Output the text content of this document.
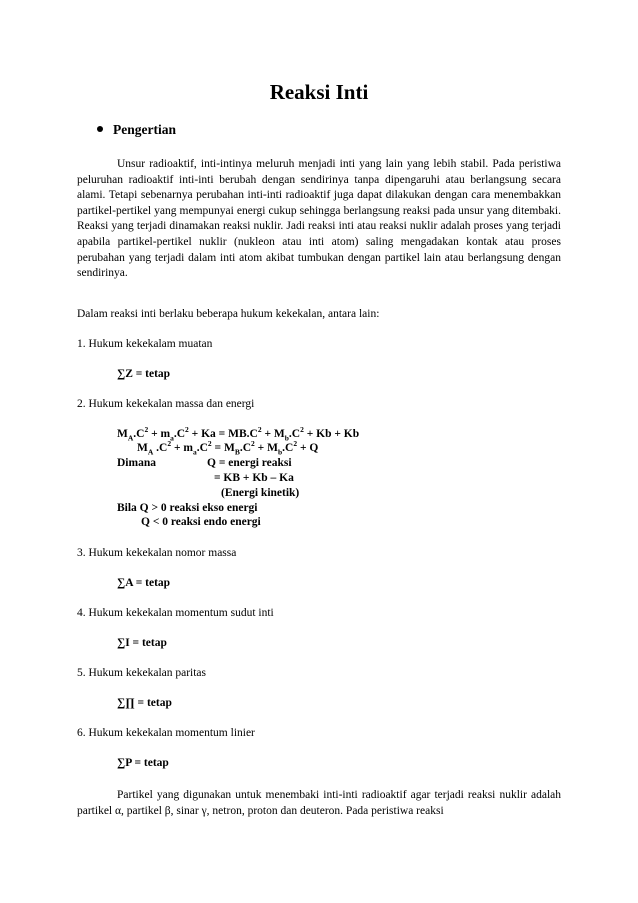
Reaksi Inti
Pengertian
Unsur radioaktif, inti-intinya meluruh menjadi inti yang lain yang lebih stabil. Pada peristiwa peluruhan radioaktif inti-inti berubah dengan sendirinya tanpa dipengaruhi atau berlangsung secara alami. Tetapi sebenarnya perubahan inti-inti radioaktif juga dapat dilakukan dengan cara menembakkan partikel-pertikel yang mempunyai energi cukup sehingga berlangsung reaksi pada unsur yang ditembaki. Reaksi yang terjadi dinamakan reaksi nuklir. Jadi reaksi inti atau reaksi nuklir adalah proses yang terjadi apabila partikel-pertikel nuklir (nukleon atau inti atom) saling mengadakan kontak atau proses perubahan yang terjadi dalam inti atom akibat tumbukan dengan partikel lain atau berlangsung dengan sendirinya.
Dalam reaksi inti berlaku beberapa hukum kekekalan, antara lain:
1. Hukum kekekalam muatan
∑Z = tetap
2. Hukum kekekalan massa dan energi
$M_A.C^2 + m_a.C^2 + Ka = MB.C^2 + M_b.C^2 + Kb + Kb$
$M_A$ $.C^2 + m_a.C^2 = M_B.C^2 + M_b.C^2 + Q$
Dimana	Q = energi reaksi
= KB + Kb – Ka
(Energi kinetik)
Bila Q > 0 reaksi ekso energi
Q < 0 reaksi endo energi
3. Hukum kekekalan nomor massa
∑A = tetap
4. Hukum kekekalan momentum sudut inti
∑I = tetap
5. Hukum kekekalan paritas
∑∏ = tetap
6. Hukum kekekalan momentum linier
∑P = tetap
Partikel yang digunakan untuk menembaki inti-inti radioaktif agar terjadi reaksi nuklir adalah partikel α, partikel β, sinar γ, netron, proton dan deuteron. Pada peristiwa reaksi
